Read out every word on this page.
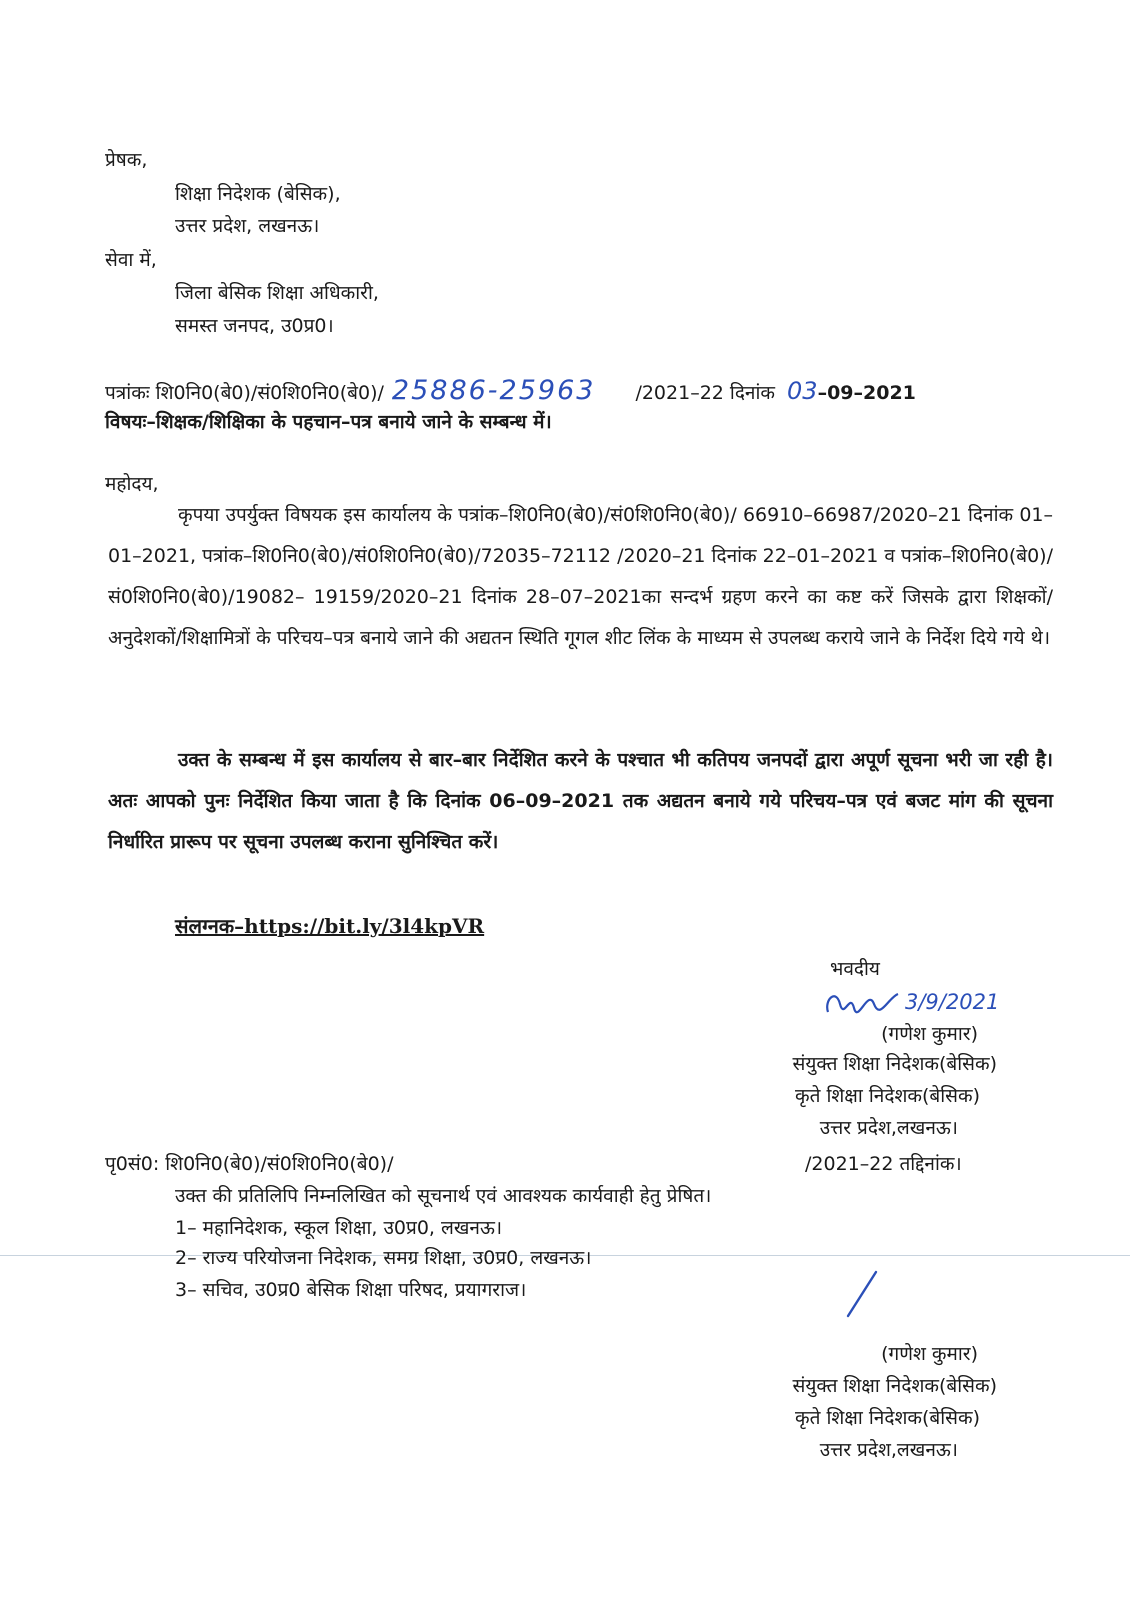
प्रेषक,
शिक्षा निदेशक (बेसिक),
उत्तर प्रदेश, लखनऊ।
सेवा में,
जिला बेसिक शिक्षा अधिकारी,
समस्त जनपद, उ0प्र0।
पत्रांकः शि0नि0(बे0)/सं0शि0नि0(बे0)/ 25886-25963 /2021–22 दिनांक 03–09–2021
विषयः–शिक्षक/शिक्षिका के पहचान–पत्र बनाये जाने के सम्बन्ध में।
महोदय,
कृपया उपर्युक्त विषयक इस कार्यालय के पत्रांक–शि0नि0(बे0)/सं0शि0नि0(बे0)/ 66910–66987/2020–21 दिनांक 01–01–2021, पत्रांक–शि0नि0(बे0)/सं0शि0नि0(बे0)/72035–72112 /2020–21 दिनांक 22–01–2021 व पत्रांक–शि0नि0(बे0)/सं0शि0नि0(बे0)/19082– 19159/2020–21 दिनांक 28–07–2021का सन्दर्भ ग्रहण करने का कष्ट करें जिसके द्वारा शिक्षकों/अनुदेशकों/शिक्षामित्रों के परिचय–पत्र बनाये जाने की अद्यतन स्थिति गूगल शीट लिंक के माध्यम से उपलब्ध कराये जाने के निर्देश दिये गये थे।
उक्त के सम्बन्ध में इस कार्यालय से बार–बार निर्देशित करने के पश्चात भी कतिपय जनपदों द्वारा अपूर्ण सूचना भरी जा रही है। अतः आपको पुनः निर्देशित किया जाता है कि दिनांक 06–09–2021 तक अद्यतन बनाये गये परिचय–पत्र एवं बजट मांग की सूचना निर्धारित प्रारूप पर सूचना उपलब्ध कराना सुनिश्चित करें।
संलग्नक–https://bit.ly/3l4kpVR
भवदीय
3/9/2021
(गणेश कुमार)
संयुक्त शिक्षा निदेशक(बेसिक)
कृते शिक्षा निदेशक(बेसिक)
उत्तर प्रदेश,लखनऊ।
पृ0सं0: शि0नि0(बे0)/सं0शि0नि0(बे0)/	/2021–22 तद्दिनांक।
उक्त की प्रतिलिपि निम्नलिखित को सूचनार्थ एवं आवश्यक कार्यवाही हेतु प्रेषित।
1– महानिदेशक, स्कूल शिक्षा, उ0प्र0, लखनऊ।
2– राज्य परियोजना निदेशक, समग्र शिक्षा, उ0प्र0, लखनऊ।
3– सचिव, उ0प्र0 बेसिक शिक्षा परिषद, प्रयागराज।
(गणेश कुमार)
संयुक्त शिक्षा निदेशक(बेसिक)
कृते शिक्षा निदेशक(बेसिक)
उत्तर प्रदेश,लखनऊ।
